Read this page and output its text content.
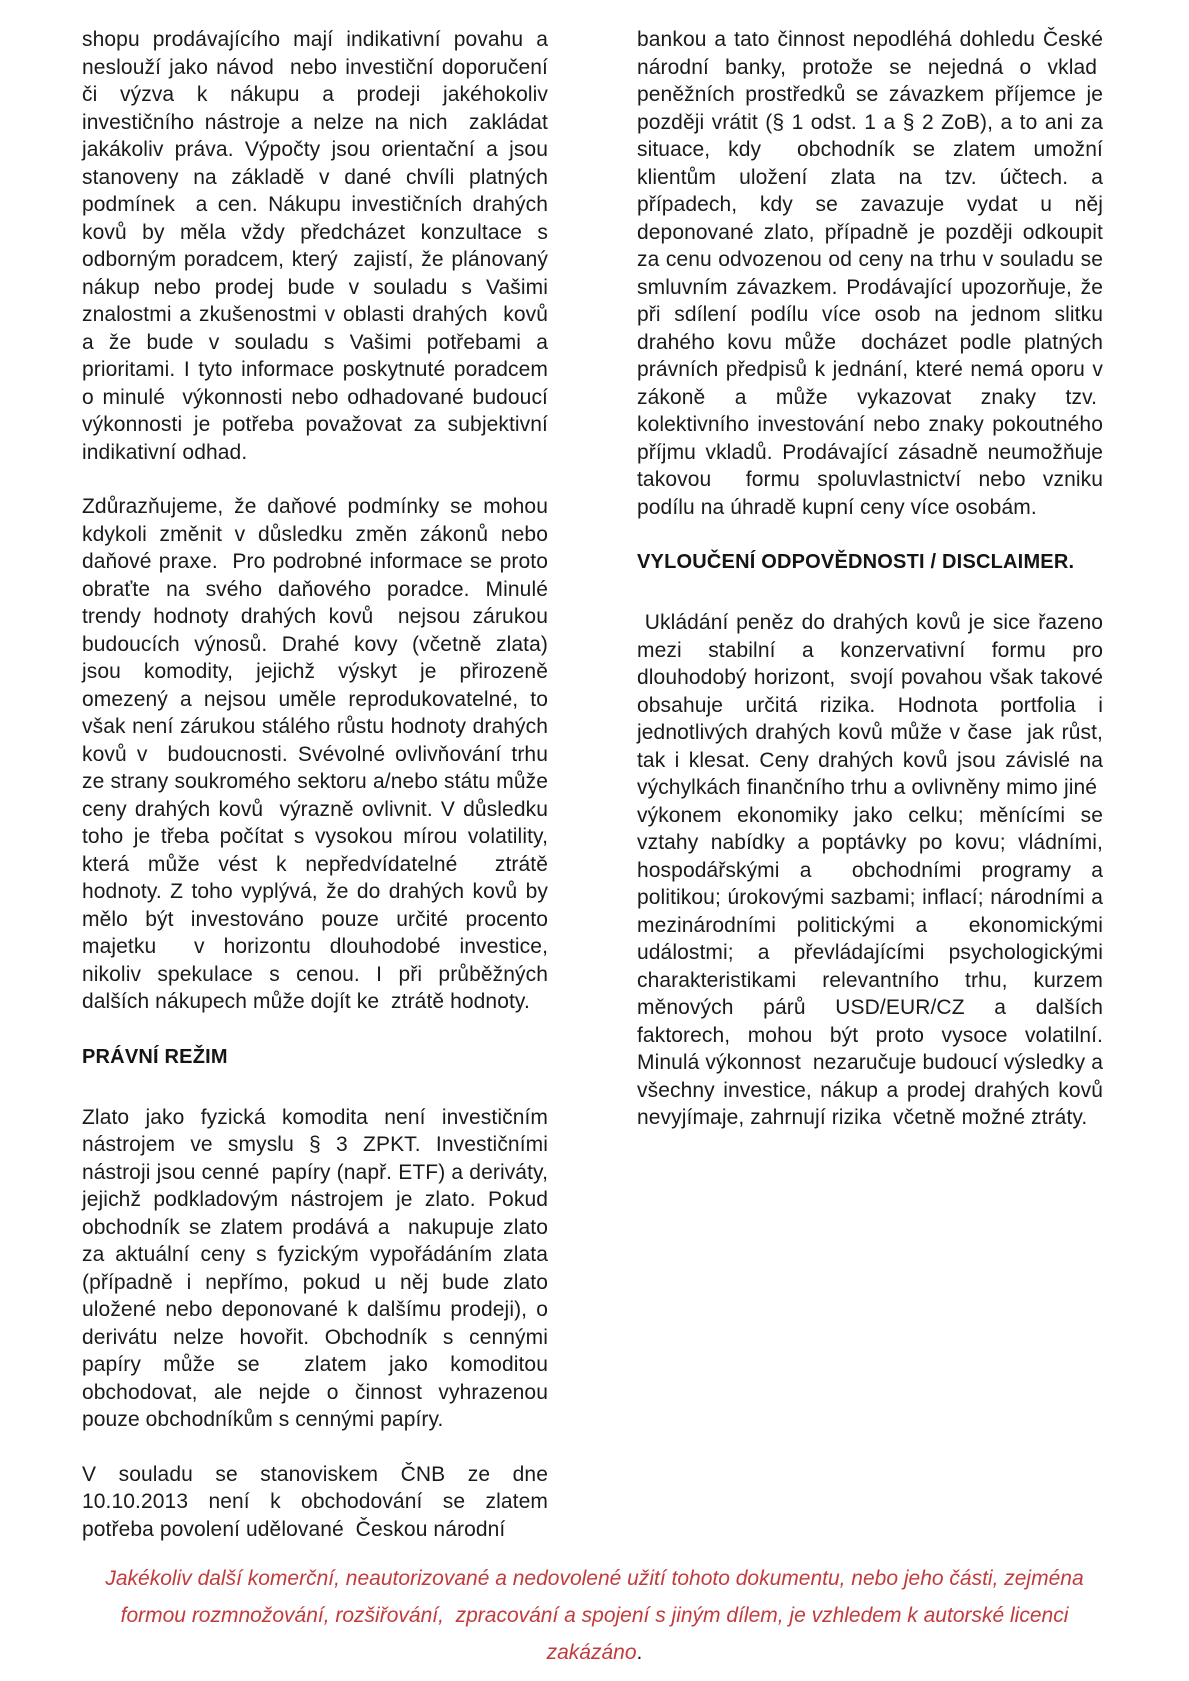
shopu prodávajícího mají indikativní povahu a neslouží jako návod  nebo investiční doporučení či výzva k nákupu a prodeji jakéhokoliv investičního nástroje a nelze na nich  zakládat jakákoliv práva. Výpočty jsou orientační a jsou stanoveny na základě v dané chvíli platných podmínek  a cen. Nákupu investičních drahých kovů by měla vždy předcházet konzultace s odborným poradcem, který  zajistí, že plánovaný nákup nebo prodej bude v souladu s Vašimi znalostmi a zkušenostmi v oblasti drahých  kovů a že bude v souladu s Vašimi potřebami a prioritami. I tyto informace poskytnuté poradcem o minulé  výkonnosti nebo odhadované budoucí výkonnosti je potřeba považovat za subjektivní indikativní odhad.

Zdůrazňujeme, že daňové podmínky se mohou kdykoli změnit v důsledku změn zákonů nebo daňové praxe.  Pro podrobné informace se proto obraťte na svého daňového poradce. Minulé trendy hodnoty drahých kovů  nejsou zárukou budoucích výnosů. Drahé kovy (včetně zlata) jsou komodity, jejichž výskyt je přirozeně omezený a nejsou uměle reprodukovatelné, to však není zárukou stálého růstu hodnoty drahých kovů v  budoucnosti. Svévolné ovlivňování trhu ze strany soukromého sektoru a/nebo státu může ceny drahých kovů  výrazně ovlivnit. V důsledku toho je třeba počítat s vysokou mírou volatility, která může vést k nepředvídatelné  ztrátě hodnoty. Z toho vyplývá, že do drahých kovů by mělo být investováno pouze určité procento majetku  v horizontu dlouhodobé investice, nikoliv spekulace s cenou. I při průběžných dalších nákupech může dojít ke  ztrátě hodnoty.

PRÁVNÍ REŽIM

Zlato jako fyzická komodita není investičním nástrojem ve smyslu § 3 ZPKT. Investičními nástroji jsou cenné  papíry (např. ETF) a deriváty, jejichž podkladovým nástrojem je zlato. Pokud obchodník se zlatem prodává a  nakupuje zlato za aktuální ceny s fyzickým vypořádáním zlata (případně i nepřímo, pokud u něj bude zlato uložené nebo deponované k dalšímu prodeji), o derivátu nelze hovořit. Obchodník s cennými papíry může se  zlatem jako komoditou obchodovat, ale nejde o činnost vyhrazenou pouze obchodníkům s cennými papíry.

V souladu se stanoviskem ČNB ze dne 10.10.2013 není k obchodování se zlatem potřeba povolení udělované  Českou národní

bankou a tato činnost nepodléhá dohledu České národní banky, protože se nejedná o vklad  peněžních prostředků se závazkem příjemce je později vrátit (§ 1 odst. 1 a § 2 ZoB), a to ani za situace, kdy  obchodník se zlatem umožní klientům uložení zlata na tzv. účtech. a případech, kdy se zavazuje vydat u něj deponované zlato, případně je později odkoupit za cenu odvozenou od ceny na trhu v souladu se smluvním závazkem. Prodávající upozorňuje, že při sdílení podílu více osob na jednom slitku drahého kovu může  docházet podle platných právních předpisů k jednání, které nemá oporu v zákoně a může vykazovat znaky tzv.  kolektivního investování nebo znaky pokoutného příjmu vkladů. Prodávající zásadně neumožňuje takovou  formu spoluvlastnictví nebo vzniku podílu na úhradě kupní ceny více osobám.

VYLOUČENÍ ODPOVĚDNOSTI / DISCLAIMER.

Ukládání peněz do drahých kovů je sice řazeno mezi stabilní a konzervativní formu pro dlouhodobý horizont,  svojí povahou však takové obsahuje určitá rizika. Hodnota portfolia i jednotlivých drahých kovů může v čase  jak růst, tak i klesat. Ceny drahých kovů jsou závislé na výchylkách finančního trhu a ovlivněny mimo jiné  výkonem ekonomiky jako celku; měnícími se vztahy nabídky a poptávky po kovu; vládními, hospodářskými a  obchodními programy a politikou; úrokovými sazbami; inflací; národními a mezinárodními politickými a  ekonomickými událostmi; a převládajícími psychologickými charakteristikami relevantního trhu, kurzem měnových párů USD/EUR/CZ a dalších faktorech, mohou být proto vysoce volatilní. Minulá výkonnost  nezaručuje budoucí výsledky a všechny investice, nákup a prodej drahých kovů nevyjímaje, zahrnují rizika  včetně možné ztráty.

Jakékoliv další komerční, neautorizované a nedovolené užití tohoto dokumentu, nebo jeho části, zejména formou rozmnožování, rozšiřování,  zpracování a spojení s jiným dílem, je vzhledem k autorské licenci zakázáno.
